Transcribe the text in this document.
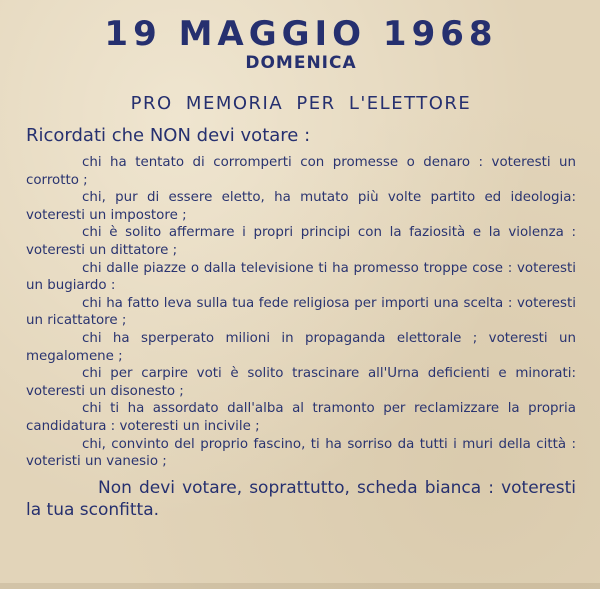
19 MAGGIO 1968
DOMENICA
PRO MEMORIA PER L'ELETTORE

Ricordati che NON devi votare :

chi ha tentato di corromperti con promesse o denaro : voteresti un corrotto ;

chi, pur di essere eletto, ha mutato più volte partito ed ideologia: voteresti un impostore ;

chi è solito affermare i propri principi con la faziosità e la violenza : voteresti un dittatore ;

chi dalle piazze o dalla televisione ti ha promesso troppe cose : voteresti un bugiardo :

chi ha fatto leva sulla tua fede religiosa per importi una scelta : voteresti un ricattatore ;

chi ha sperperato milioni in propaganda elettorale ; voteresti un megalomene ;

chi per carpire voti è solito trascinare all'Urna deficienti e minorati: voteresti un disonesto ;

chi ti ha assordato dall'alba al tramonto per reclamizzare la propria candidatura : voteresti un incivile ;

chi, convinto del proprio fascino, ti ha sorriso da tutti i muri della città : voteristi un vanesio ;

Non devi votare, soprattutto, scheda bianca : voteresti la tua sconfitta.
